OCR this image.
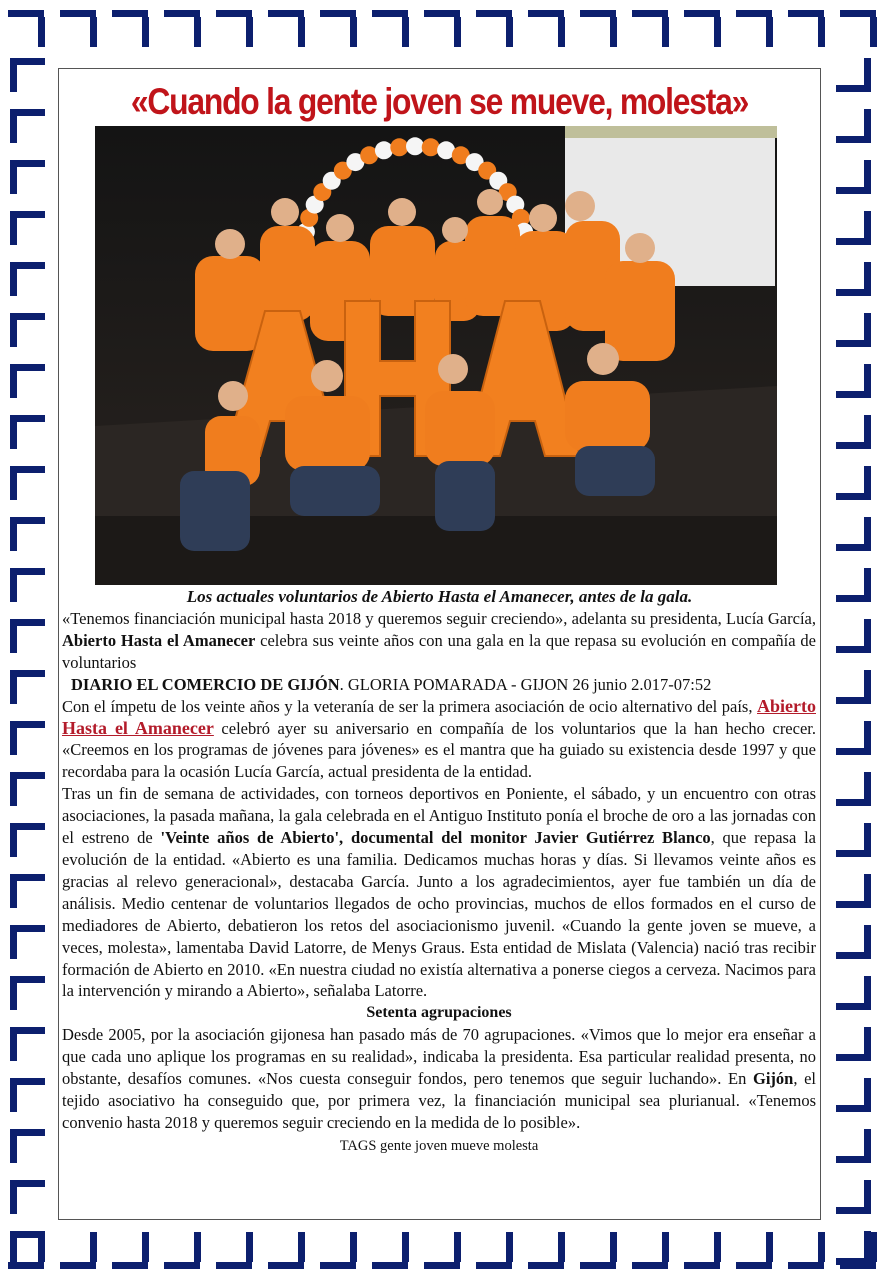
«Cuando la gente joven se mueve, molesta»
Los actuales voluntarios de Abierto Hasta el Amanecer, antes de la gala.

«Tenemos financiación municipal hasta 2018 y queremos seguir creciendo», adelanta su presidenta, Lucía García, Abierto Hasta el Amanecer celebra sus veinte años con una gala en la que repasa su evolución en compañía de voluntarios

DIARIO EL COMERCIO DE GIJÓN. GLORIA POMARADA - GIJON 26 junio 2.017-07:52

Con el ímpetu de los veinte años y la veteranía de ser la primera asociación de ocio alternativo del país, Abierto Hasta el Amanecer celebró ayer su aniversario en compañía de los voluntarios que la han hecho crecer. «Creemos en los programas de jóvenes para jóvenes» es el mantra que ha guiado su existencia desde 1997 y que recordaba para la ocasión Lucía García, actual presidenta de la entidad.

Tras un fin de semana de actividades, con torneos deportivos en Poniente, el sábado, y un encuentro con otras asociaciones, la pasada mañana, la gala celebrada en el Antiguo Instituto ponía el broche de oro a las jornadas con el estreno de 'Veinte años de Abierto', documental del monitor Javier Gutiérrez Blanco, que repasa la evolución de la entidad. «Abierto es una familia. Dedicamos muchas horas y días. Si llevamos veinte años es gracias al relevo generacional», destacaba García. Junto a los agradecimientos, ayer fue también un día de análisis. Medio centenar de voluntarios llegados de ocho provincias, muchos de ellos formados en el curso de mediadores de Abierto, debatieron los retos del asociacionismo juvenil. «Cuando la gente joven se mueve, a veces, molesta», lamentaba David Latorre, de Menys Graus. Esta entidad de Mislata (Valencia) nació tras recibir formación de Abierto en 2010. «En nuestra ciudad no existía alternativa a ponerse ciegos a cerveza. Nacimos para la intervención y mirando a Abierto», señalaba Latorre.

Setenta agrupaciones

Desde 2005, por la asociación gijonesa han pasado más de 70 agrupaciones. «Vimos que lo mejor era enseñar a que cada uno aplique los programas en su realidad», indicaba la presidenta. Esa particular realidad presenta, no obstante, desafíos comunes. «Nos cuesta conseguir fondos, pero tenemos que seguir luchando». En Gijón, el tejido asociativo ha conseguido que, por primera vez, la financiación municipal sea plurianual. «Tenemos convenio hasta 2018 y queremos seguir creciendo en la medida de lo posible».

TAGS gente joven mueve molesta
